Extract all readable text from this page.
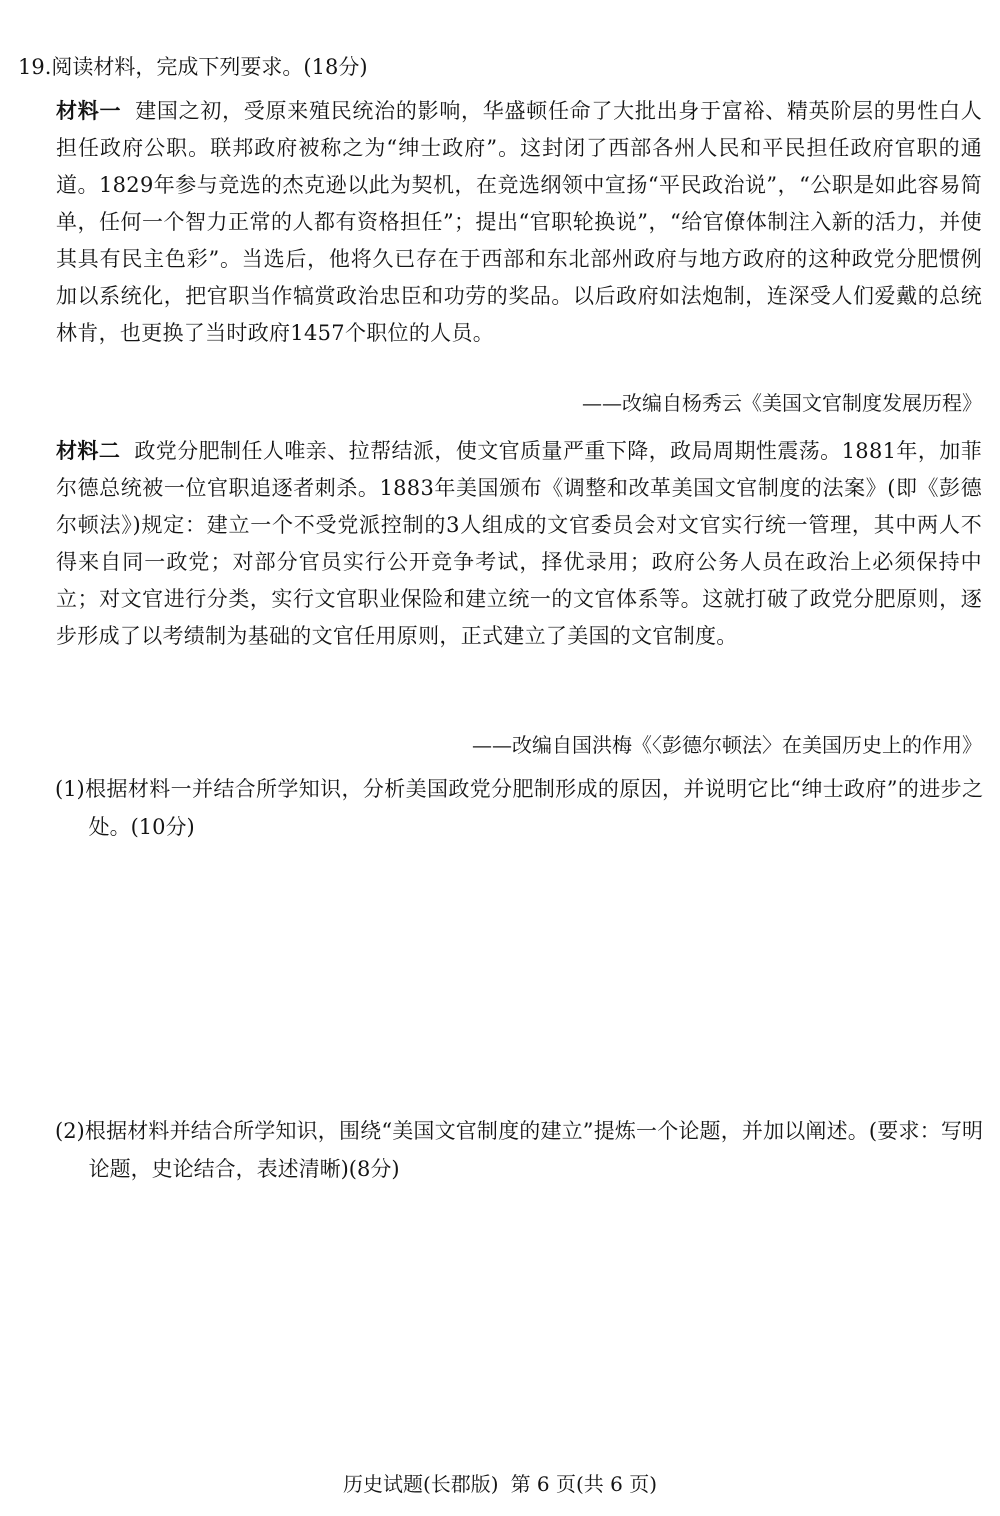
19.阅读材料，完成下列要求。(18分)
材料一 建国之初，受原来殖民统治的影响，华盛顿任命了大批出身于富裕、精英阶层的男性白人担任政府公职。联邦政府被称之为“绅士政府”。这封闭了西部各州人民和平民担任政府官职的通道。1829年参与竞选的杰克逊以此为契机，在竞选纲领中宣扬“平民政治说”，“公职是如此容易简单，任何一个智力正常的人都有资格担任”；提出“官职轮换说”，“给官僚体制注入新的活力，并使其具有民主色彩”。当选后，他将久已存在于西部和东北部州政府与地方政府的这种政党分肥惯例加以系统化，把官职当作犒赏政治忠臣和功劳的奖品。以后政府如法炮制，连深受人们爱戴的总统林肯，也更换了当时政府1457个职位的人员。
——改编自杨秀云《美国文官制度发展历程》
材料二 政党分肥制任人唯亲、拉帮结派，使文官质量严重下降，政局周期性震荡。1881年，加菲尔德总统被一位官职追逐者刺杀。1883年美国颁布《调整和改革美国文官制度的法案》(即《彭德尔顿法》)规定：建立一个不受党派控制的3人组成的文官委员会对文官实行统一管理，其中两人不得来自同一政党；对部分官员实行公开竞争考试，择优录用；政府公务人员在政治上必须保持中立；对文官进行分类，实行文官职业保险和建立统一的文官体系等。这就打破了政党分肥原则，逐步形成了以考绩制为基础的文官任用原则，正式建立了美国的文官制度。
——改编自国洪梅《〈彭德尔顿法〉在美国历史上的作用》
(1)根据材料一并结合所学知识，分析美国政党分肥制形成的原因，并说明它比“绅士政府”的进步之处。(10分)
(2)根据材料并结合所学知识，围绕“美国文官制度的建立”提炼一个论题，并加以阐述。(要求：写明论题，史论结合，表述清晰)(8分)
历史试题(长郡版) 第 6 页(共 6 页)
